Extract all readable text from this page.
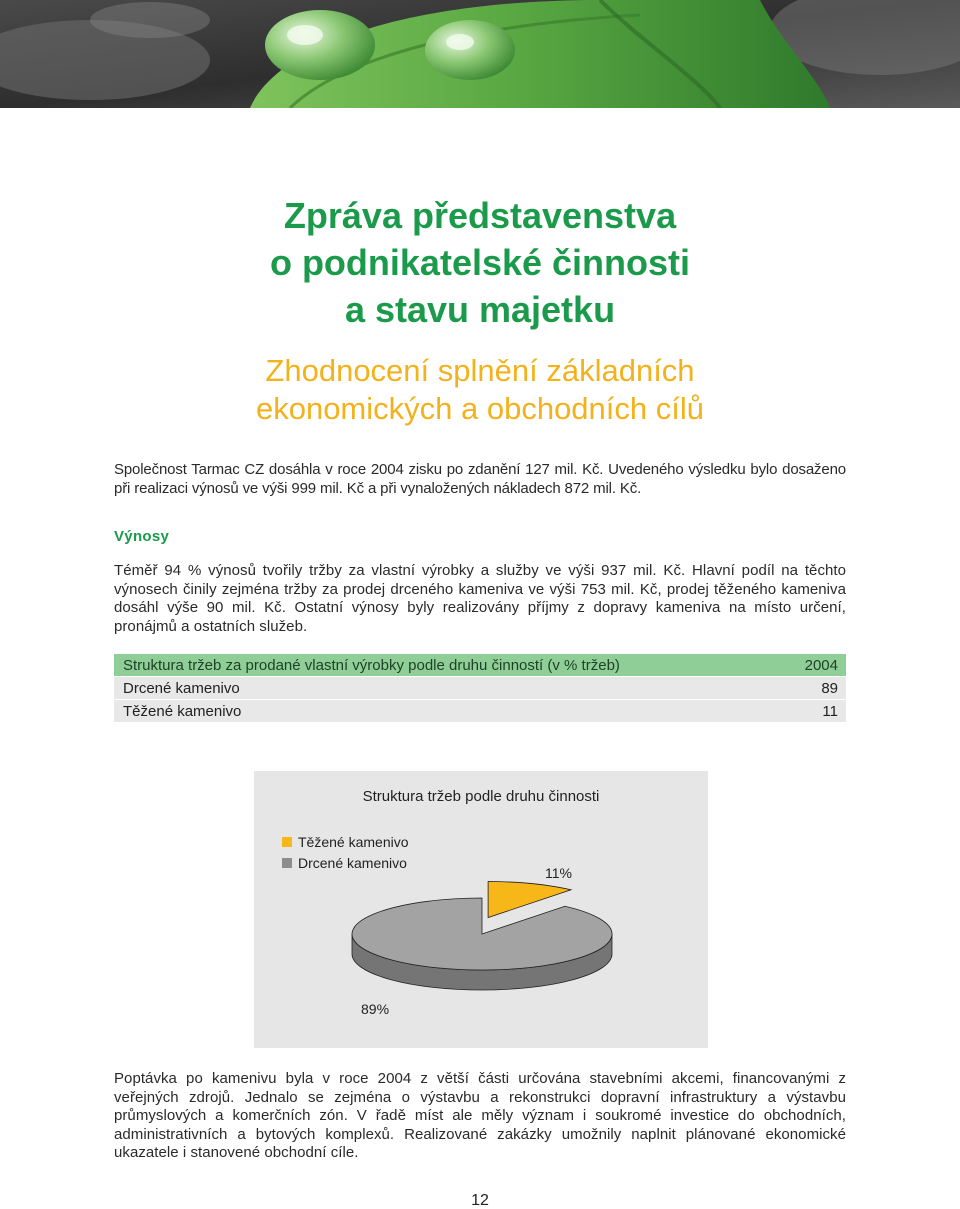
Zpráva představenstva
o podnikatelské činnosti
a stavu majetku
Zhodnocení splnění základních
ekonomických a obchodních cílů

Společnost Tarmac CZ dosáhla v roce 2004 zisku po zdanění 127 mil. Kč. Uvedeného výsledku bylo dosaženo při realizaci výnosů ve výši 999 mil. Kč a při vynaložených nákladech 872 mil. Kč.

Výnosy

Téměř 94 % výnosů tvořily tržby za vlastní výrobky a služby ve výši 937 mil. Kč. Hlavní podíl na těchto výnosech činily zejména tržby za prodej drceného kameniva ve výši 753 mil. Kč, prodej těženého kameniva dosáhl výše 90 mil. Kč. Ostatní výnosy byly realizovány příjmy z dopravy kameniva na místo určení, pronájmů a ostatních služeb.

Struktura tržeb za prodané vlastní výrobky podle druhu činností (v % tržeb)	2004
Drcené kamenivo	89
Těžené kamenivo	11
Struktura tržeb podle druhu činnosti
Těžené kamenivo
Drcené kamenivo
11%
89%

Poptávka po kamenivu byla v roce 2004 z větší části určována stavebními akcemi, financovanými z veřejných zdrojů. Jednalo se zejména o výstavbu a rekonstrukci dopravní infrastruktury a výstavbu průmyslových a komerčních zón. V řadě míst ale měly význam i soukromé investice do obchodních, administrativních a bytových komplexů. Realizované zakázky umožnily naplnit plánované ekonomické ukazatele i stanovené obchodní cíle.

12
